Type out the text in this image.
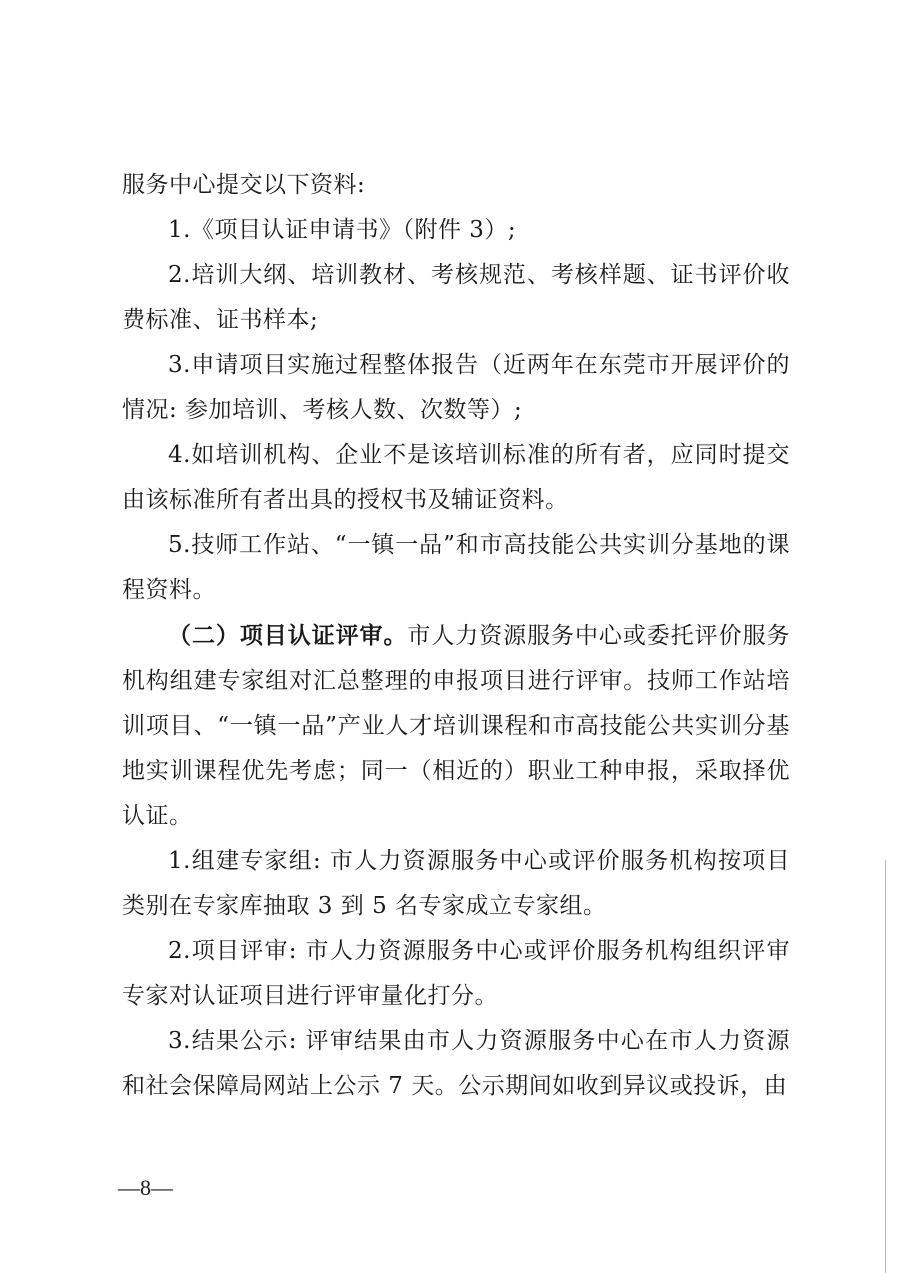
服务中心提交以下资料:

1.《项目认证申请书》（附件 3）;

2.培训大纲、培训教材、考核规范、考核样题、证书评价收费标准、证书样本;

3.申请项目实施过程整体报告（近两年在东莞市开展评价的情况: 参加培训、考核人数、次数等）;

4.如培训机构、企业不是该培训标准的所有者，应同时提交由该标准所有者出具的授权书及辅证资料。

5.技师工作站、“一镇一品”和市高技能公共实训分基地的课程资料。

（二）项目认证评审。市人力资源服务中心或委托评价服务机构组建专家组对汇总整理的申报项目进行评审。技师工作站培训项目、“一镇一品”产业人才培训课程和市高技能公共实训分基地实训课程优先考虑；同一（相近的）职业工种申报，采取择优认证。

1.组建专家组: 市人力资源服务中心或评价服务机构按项目类别在专家库抽取 3 到 5 名专家成立专家组。

2.项目评审: 市人力资源服务中心或评价服务机构组织评审专家对认证项目进行评审量化打分。

3.结果公示: 评审结果由市人力资源服务中心在市人力资源和社会保障局网站上公示 7 天。公示期间如收到异议或投诉，由

—8—
